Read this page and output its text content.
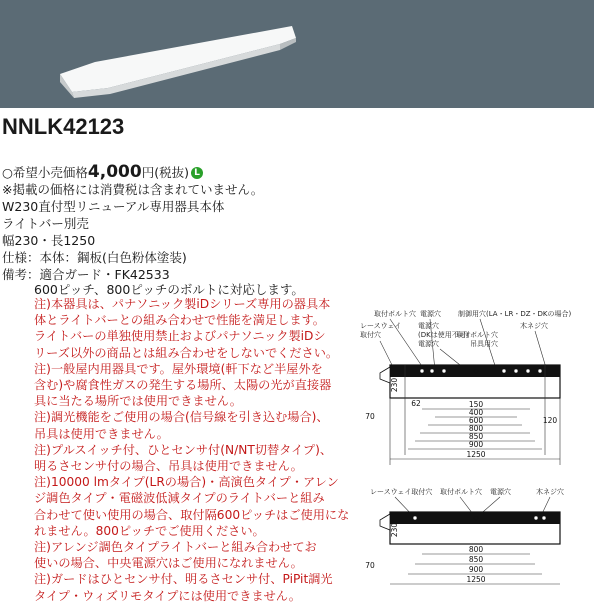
NNLK42123
○希望小売価格4,000円(税抜) L
※掲載の価格には消費税は含まれていません。
W230直付型リニューアル専用器具本体
ライトバー別売
幅230・長1250
仕様：本体：鋼板(白色粉体塗装)
備考：適合ガード・FK42533
600ピッチ、800ピッチのボルトに対応します。
注)本器具は、パナソニック製iDシリーズ専用の器具本
体とライトバーとの組み合わせで性能を満足します。
ライトバーの単独使用禁止およびパナソニック製iDシ
リーズ以外の商品とは組み合わせをしないでください。
注)一般屋内用器具です。屋外環境(軒下など半屋外を
含む)や腐食性ガスの発生する場所、太陽の光が直接器
具に当たる場所では使用できません。
注)調光機能をご使用の場合(信号線を引き込む場合)、
吊具は使用できません。
注)プルスイッチ付、ひとセンサ付(N/NT切替タイプ)、
明るさセンサ付の場合、吊具は使用できません。
注)10000 lmタイプ(LRの場合)・高演色タイプ・アレン
ジ調色タイプ・電磁波低減タイプのライトバーと組み
合わせて使い使用の場合、取付隔600ピッチはご使用にな
れません。800ピッチでご使用ください。
注)アレンジ調色タイプライトバーと組み合わせてお
使いの場合、中央電源穴はご使用になれません。
注)ガードはひとセンサ付、明るさセンサ付、PiPit調光
タイプ・ウィズリモタイプには使用できません。
取付ボルト穴 電源穴 制御用穴(LA・LR・DZ・DKの場合)
レースウェイ
取付穴
電源穴
(DKは使用不可)
木ネジ穴
電源穴
取付ボルト穴
吊具用穴
230
62	150
400
600
800
850
900
1250
120
70
レースウェイ取付穴 取付ボルト穴 電源穴	木ネジ穴
230
800
850
900
1250
70
